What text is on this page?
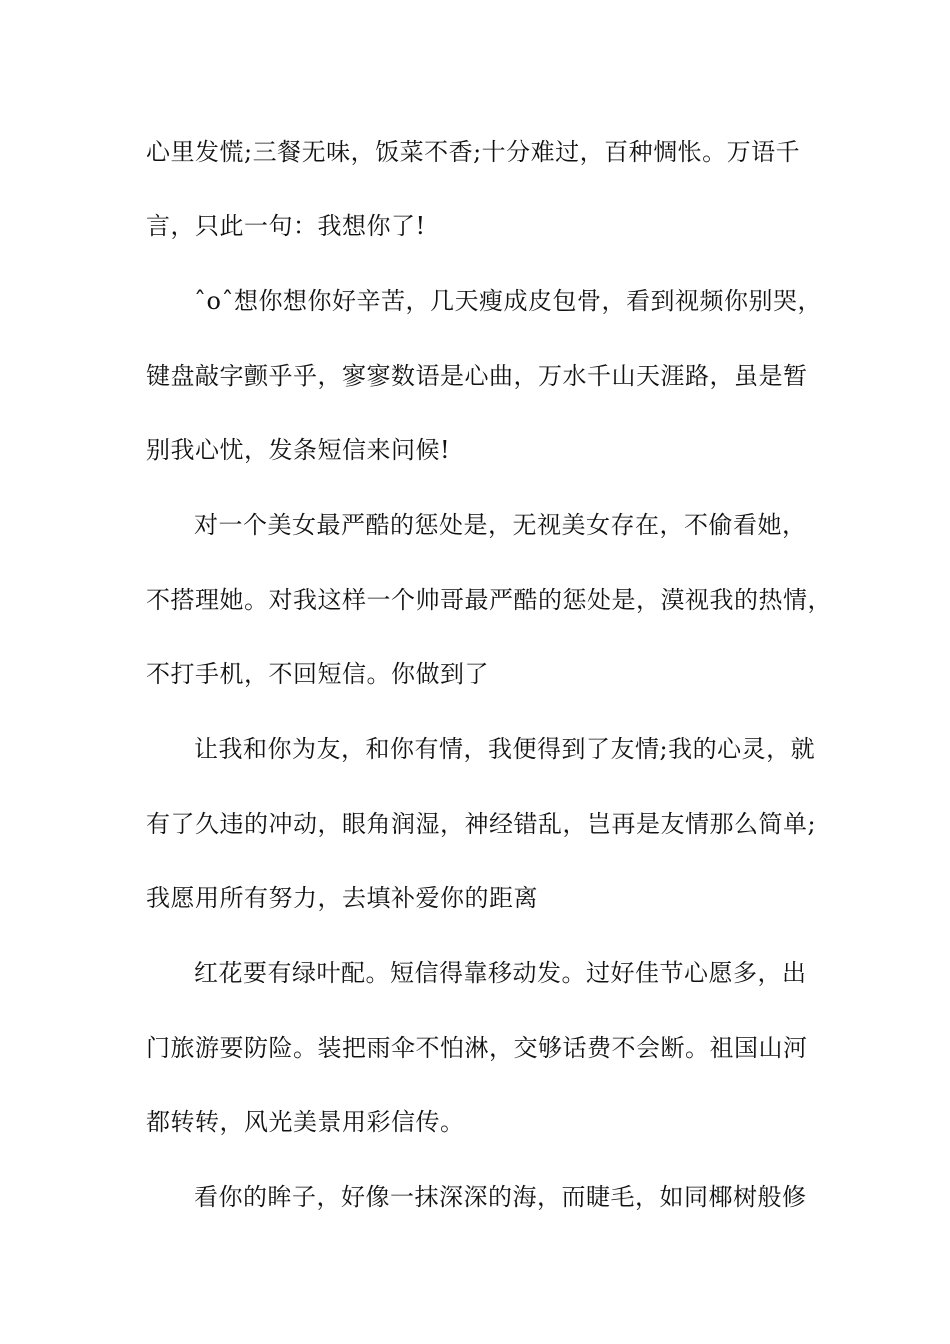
心里发慌;三餐无味，饭菜不香;十分难过，百种惆怅。万语千
言，只此一句：我想你了!
ˆoˆ想你想你好辛苦，几天瘦成皮包骨，看到视频你别哭，
键盘敲字颤乎乎，寥寥数语是心曲，万水千山天涯路，虽是暂
别我心忧，发条短信来问候!
对一个美女最严酷的惩处是，无视美女存在，不偷看她，
不搭理她。对我这样一个帅哥最严酷的惩处是，漠视我的热情，
不打手机，不回短信。你做到了
让我和你为友，和你有情，我便得到了友情;我的心灵，就
有了久违的冲动，眼角润湿，神经错乱，岂再是友情那么简单;
我愿用所有努力，去填补爱你的距离
红花要有绿叶配。短信得靠移动发。过好佳节心愿多，出
门旅游要防险。装把雨伞不怕淋，交够话费不会断。祖国山河
都转转，风光美景用彩信传。
看你的眸子，好像一抹深深的海，而睫毛，如同椰树般修
